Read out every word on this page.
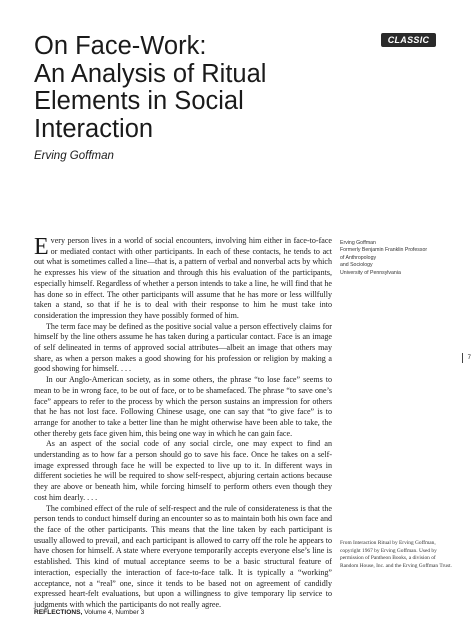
CLASSIC
On Face-Work:
An Analysis of Ritual
Elements in Social
Interaction
Erving Goffman

Every person lives in a world of social encounters, involving him either in face-to-face or mediated contact with other participants. In each of these contacts, he tends to act out what is sometimes called a line—that is, a pattern of verbal and nonverbal acts by which he expresses his view of the situation and through this his evaluation of the participants, especially himself. Regardless of whether a person intends to take a line, he will find that he has done so in effect. The other participants will assume that he has more or less willfully taken a stand, so that if he is to deal with their response to him he must take into consideration the impression they have possibly formed of him.

The term face may be defined as the positive social value a person effectively claims for himself by the line others assume he has taken during a particular contact. Face is an image of self delineated in terms of approved social attributes—albeit an image that others may share, as when a person makes a good showing for his profession or religion by making a good showing for himself. . . .

In our Anglo-American society, as in some others, the phrase “to lose face” seems to mean to be in wrong face, to be out of face, or to be shamefaced. The phrase “to save one’s face” appears to refer to the process by which the person sustains an impression for others that he has not lost face. Following Chinese usage, one can say that “to give face” is to arrange for another to take a better line than he might otherwise have been able to take, the other thereby gets face given him, this being one way in which he can gain face.

As an aspect of the social code of any social circle, one may expect to find an understanding as to how far a person should go to save his face. Once he takes on a self-image expressed through face he will be expected to live up to it. In different ways in different societies he will be required to show self-respect, abjuring certain actions because they are above or beneath him, while forcing himself to perform others even though they cost him dearly. . . .

The combined effect of the rule of self-respect and the rule of considerateness is that the person tends to conduct himself during an encounter so as to maintain both his own face and the face of the other participants. This means that the line taken by each participant is usually allowed to prevail, and each participant is allowed to carry off the role he appears to have chosen for himself. A state where everyone temporarily accepts everyone else’s line is established. This kind of mutual acceptance seems to be a basic structural feature of interaction, especially the interaction of face-to-face talk. It is typically a “working” acceptance, not a “real” one, since it tends to be based not on agreement of candidly expressed heart-felt evaluations, but upon a willingness to give temporary lip service to judgments with which the participants do not really agree.

Erving Goffman
Formerly Benjamin Franklin Professor
of Anthropology
and Sociology
University of Pennsylvania
From Interaction Ritual by Erving Goffman, copyright 1967 by Erving Goffman. Used by permission of Pantheon Books, a division of Random House, Inc. and the Erving Goffman Trust.
7
REFLECTIONS, Volume 4, Number 3
